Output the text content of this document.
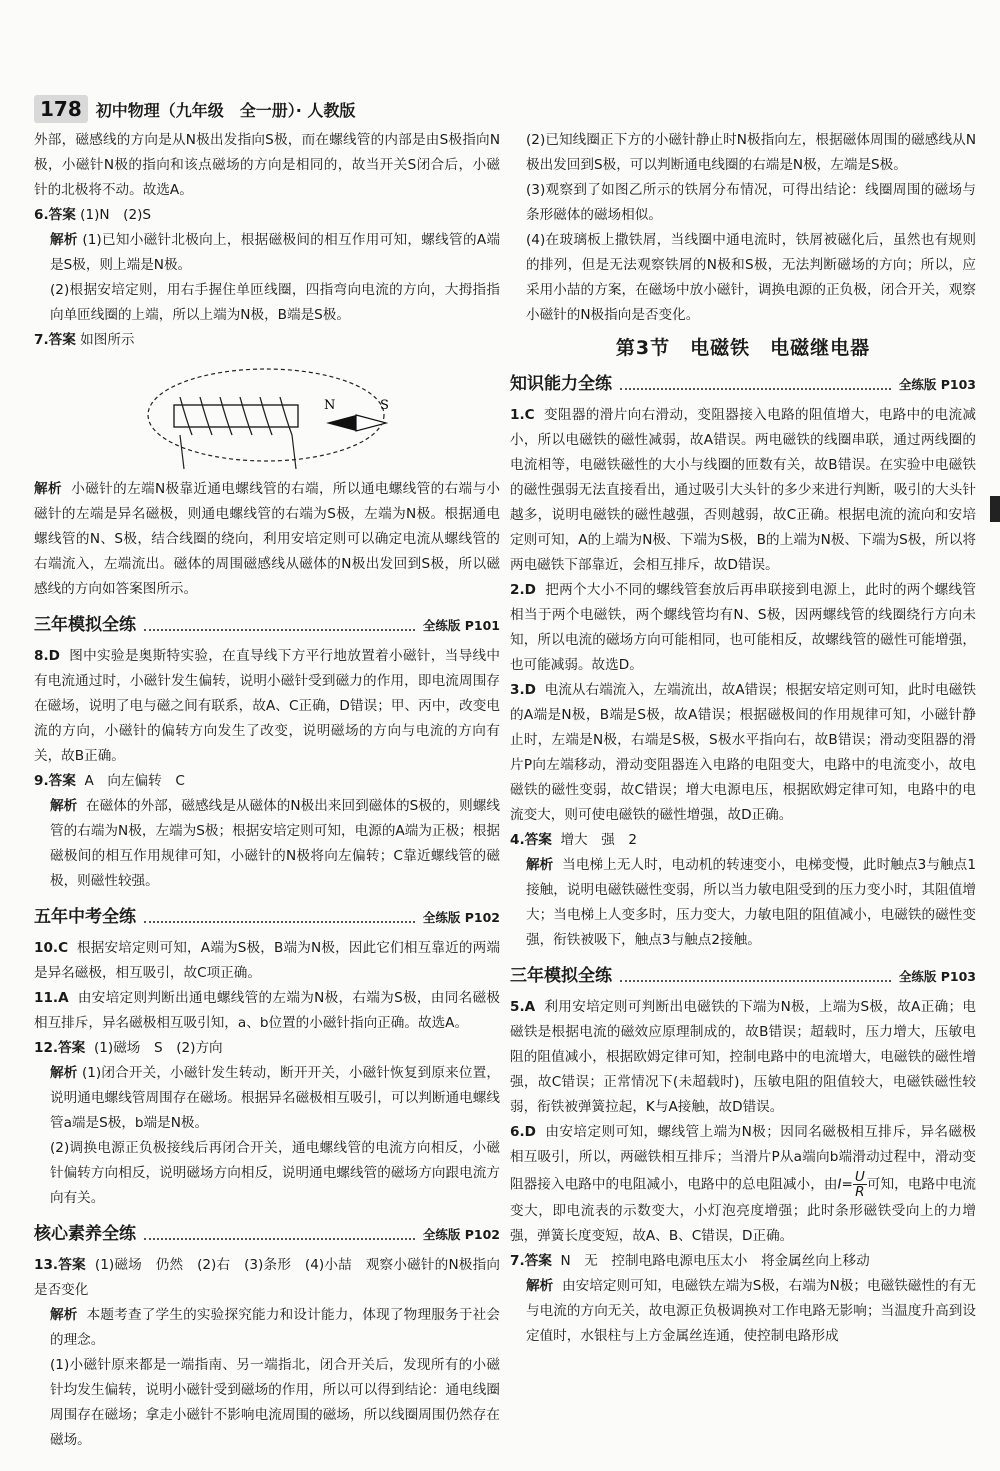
178 初中物理（九年级　全一册）· 人教版

外部，磁感线的方向是从N极出发指向S极，而在螺线管的内部是由S极指向N极，小磁针N极的指向和该点磁场的方向是相同的，故当开关S闭合后，小磁针的北极将不动。故选A。

6.答案 (1)N　(2)S

解析 (1)已知小磁针北极向上，根据磁极间的相互作用可知，螺线管的A端是S极，则上端是N极。

(2)根据安培定则，用右手握住单匝线圈，四指弯向电流的方向，大拇指指向单匝线圈的上端，所以上端为N极，B端是S极。

7.答案 如图所示

N	S

解析 小磁针的左端N极靠近通电螺线管的右端，所以通电螺线管的右端与小磁针的左端是异名磁极，则通电螺线管的右端为S极，左端为N极。根据通电螺线管的N、S极，结合线圈的绕向，利用安培定则可以确定电流从螺线管的右端流入，左端流出。磁体的周围磁感线从磁体的N极出发回到S极，所以磁感线的方向如答案图所示。

三年模拟全练	全练版 P101

8.D 图中实验是奥斯特实验，在直导线下方平行地放置着小磁针，当导线中有电流通过时，小磁针发生偏转，说明小磁针受到磁力的作用，即电流周围存在磁场，说明了电与磁之间有联系，故A、C正确，D错误；甲、丙中，改变电流的方向，小磁针的偏转方向发生了改变，说明磁场的方向与电流的方向有关，故B正确。

9.答案 A　向左偏转　C

解析 在磁体的外部，磁感线是从磁体的N极出来回到磁体的S极的，则螺线管的右端为N极，左端为S极；根据安培定则可知，电源的A端为正极；根据磁极间的相互作用规律可知，小磁针的N极将向左偏转；C靠近螺线管的磁极，则磁性较强。

五年中考全练	全练版 P102

10.C 根据安培定则可知，A端为S极，B端为N极，因此它们相互靠近的两端是异名磁极，相互吸引，故C项正确。

11.A 由安培定则判断出通电螺线管的左端为N极，右端为S极，由同名磁极相互排斥，异名磁极相互吸引知，a、b位置的小磁针指向正确。故选A。

12.答案 (1)磁场　S　(2)方向

解析 (1)闭合开关，小磁针发生转动，断开开关，小磁针恢复到原来位置，说明通电螺线管周围存在磁场。根据异名磁极相互吸引，可以判断通电螺线管a端是S极，b端是N极。

(2)调换电源正负极接线后再闭合开关，通电螺线管的电流方向相反，小磁针偏转方向相反，说明磁场方向相反，说明通电螺线管的磁场方向跟电流方向有关。

核心素养全练	全练版 P102

13.答案 (1)磁场　仍然　(2)右　(3)条形　(4)小喆　观察小磁针的N极指向是否变化

解析 本题考查了学生的实验探究能力和设计能力，体现了物理服务于社会的理念。

(1)小磁针原来都是一端指南、另一端指北，闭合开关后，发现所有的小磁针均发生偏转，说明小磁针受到磁场的作用，所以可以得到结论：通电线圈周围存在磁场；拿走小磁针不影响电流周围的磁场，所以线圈周围仍然存在磁场。

(2)已知线圈正下方的小磁针静止时N极指向左，根据磁体周围的磁感线从N极出发回到S极，可以判断通电线圈的右端是N极，左端是S极。

(3)观察到了如图乙所示的铁屑分布情况，可得出结论：线圈周围的磁场与条形磁体的磁场相似。

(4)在玻璃板上撒铁屑，当线圈中通电流时，铁屑被磁化后，虽然也有规则的排列，但是无法观察铁屑的N极和S极，无法判断磁场的方向；所以，应采用小喆的方案，在磁场中放小磁针，调换电源的正负极，闭合开关，观察小磁针的N极指向是否变化。

第3节　电磁铁　电磁继电器
知识能力全练	全练版 P103

1.C 变阻器的滑片向右滑动，变阻器接入电路的阻值增大，电路中的电流减小，所以电磁铁的磁性减弱，故A错误。两电磁铁的线圈串联，通过两线圈的电流相等，电磁铁磁性的大小与线圈的匝数有关，故B错误。在实验中电磁铁的磁性强弱无法直接看出，通过吸引大头针的多少来进行判断，吸引的大头针越多，说明电磁铁的磁性越强，否则越弱，故C正确。根据电流的流向和安培定则可知，A的上端为N极、下端为S极，B的上端为N极、下端为S极，所以将两电磁铁下部靠近，会相互排斥，故D错误。

2.D 把两个大小不同的螺线管套放后再串联接到电源上，此时的两个螺线管相当于两个电磁铁，两个螺线管均有N、S极，因两螺线管的线圈绕行方向未知，所以电流的磁场方向可能相同，也可能相反，故螺线管的磁性可能增强，也可能减弱。故选D。

3.D 电流从右端流入，左端流出，故A错误；根据安培定则可知，此时电磁铁的A端是N极，B端是S极，故A错误；根据磁极间的作用规律可知，小磁针静止时，左端是N极，右端是S极，S极水平指向右，故B错误；滑动变阻器的滑片P向左端移动，滑动变阻器连入电路的电阻变大，电路中的电流变小，故电磁铁的磁性变弱，故C错误；增大电源电压，根据欧姆定律可知，电路中的电流变大，则可使电磁铁的磁性增强，故D正确。

4.答案 增大　强　2

解析 当电梯上无人时，电动机的转速变小，电梯变慢，此时触点3与触点1接触，说明电磁铁磁性变弱，所以当力敏电阻受到的压力变小时，其阻值增大；当电梯上人变多时，压力变大，力敏电阻的阻值减小，电磁铁的磁性变强，衔铁被吸下，触点3与触点2接触。

三年模拟全练	全练版 P103

5.A 利用安培定则可判断出电磁铁的下端为N极，上端为S极，故A正确；电磁铁是根据电流的磁效应原理制成的，故B错误；超载时，压力增大，压敏电阻的阻值减小，根据欧姆定律可知，控制电路中的电流增大，电磁铁的磁性增强，故C错误；正常情况下(未超载时)，压敏电阻的阻值较大，电磁铁磁性较弱，衔铁被弹簧拉起，K与A接触，故D错误。

6.D 由安培定则可知，螺线管上端为N极；因同名磁极相互排斥，异名磁极相互吸引，所以，两磁铁相互排斥；当滑片P从a端向b端滑动过程中，滑动变阻器接入电路中的电阻减小，电路中的总电阻减小，由$I= \frac{U}{R}$ 可知，电路中电流变大，即电流表的示数变大，小灯泡亮度增强；此时条形磁铁受向上的力增强，弹簧长度变短，故A、B、C错误，D正确。

7.答案 N　无　控制电路电源电压太小　将金属丝向上移动

解析 由安培定则可知，电磁铁左端为S极，右端为N极；电磁铁磁性的有无与电流的方向无关，故电源正负极调换对工作电路无影响；当温度升高到设定值时，水银柱与上方金属丝连通，使控制电路形成
